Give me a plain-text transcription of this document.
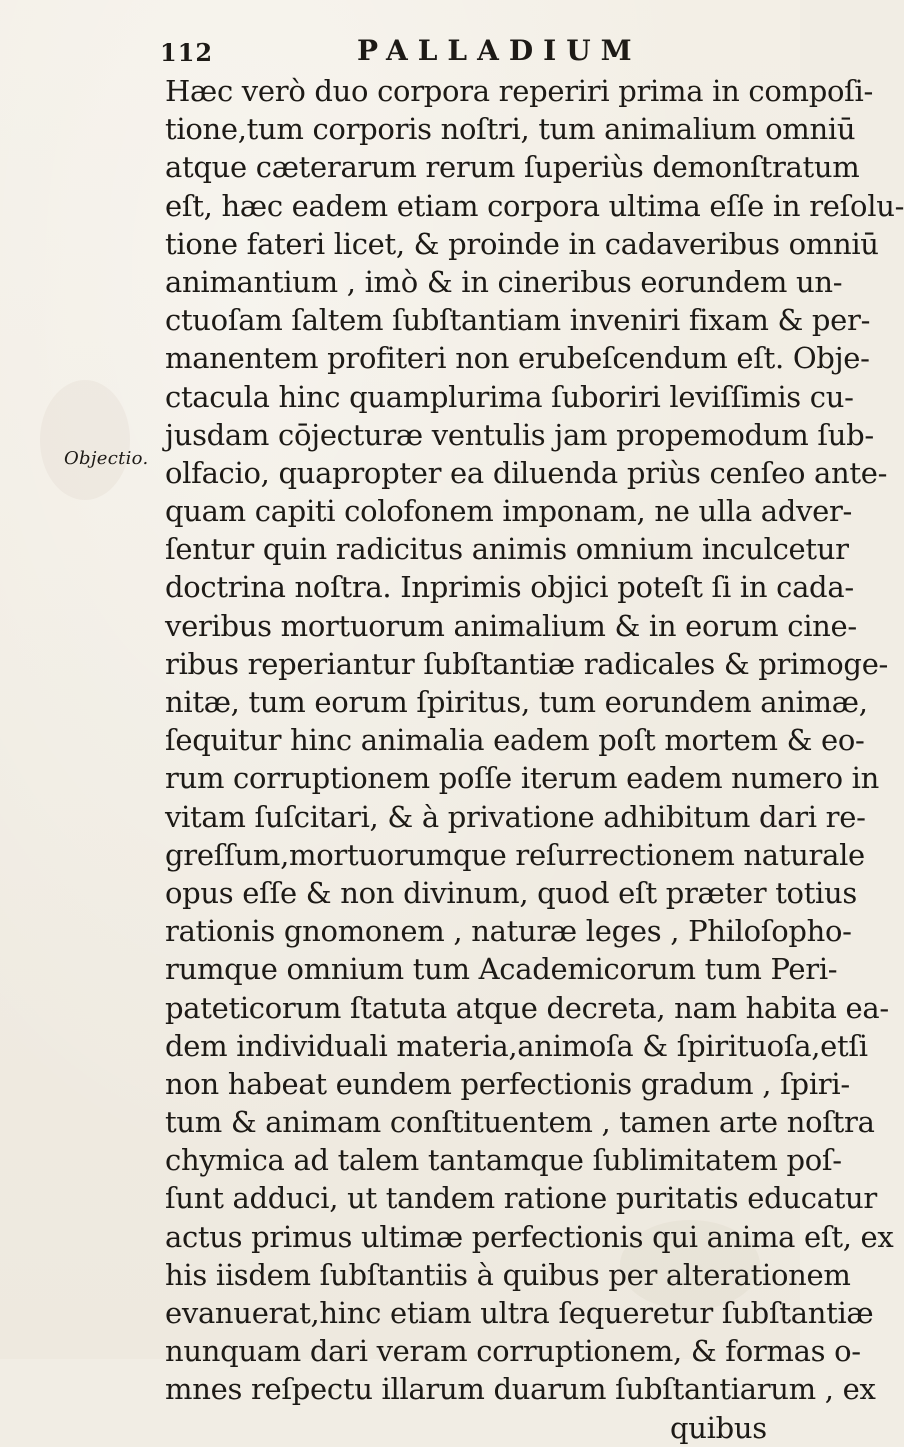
112	PALLADIUM
Objectio.
Hæc verò duo corpora reperiri prima in compoſi-
tione,tum corporis noſtri, tum animalium omniū
atque cæterarum rerum ſuperiùs demonſtratum
eſt, hæc eadem etiam corpora ultima eſſe in reſolu-
tione fateri licet, & proinde in cadaveribus omniū
animantium , imò & in cineribus eorundem un-
ctuoſam ſaltem ſubſtantiam inveniri fixam & per-
manentem profiteri non erubeſcendum eſt. Obje-
ctacula hinc quamplurima ſuboriri leviſſimis cu-
jusdam cōjecturæ ventulis jam propemodum ſub-
olfacio, quapropter ea diluenda priùs cenſeo ante-
quam capiti colofonem imponam, ne ulla adver-
ſentur quin radicitus animis omnium inculcetur
doctrina noſtra. Inprimis objici poteſt ſi in cada-
veribus mortuorum animalium & in eorum cine-
ribus reperiantur ſubſtantiæ radicales & primoge-
nitæ, tum eorum ſpiritus, tum eorundem animæ,
ſequitur hinc animalia eadem poſt mortem & eo-
rum corruptionem poſſe iterum eadem numero in
vitam ſuſcitari, & à privatione adhibitum dari re-
greſſum,mortuorumque reſurrectionem naturale
opus eſſe & non divinum, quod eſt præter totius
rationis gnomonem , naturæ leges , Philoſopho-
rumque omnium tum Academicorum tum Peri-
pateticorum ſtatuta atque decreta, nam habita ea-
dem individuali materia,animoſa & ſpirituoſa,etſi
non habeat eundem perfectionis gradum , ſpiri-
tum & animam conſtituentem , tamen arte noſtra
chymica ad talem tantamque ſublimitatem poſ-
ſunt adduci, ut tandem ratione puritatis educatur
actus primus ultimæ perfectionis qui anima eſt, ex
his iisdem ſubſtantiis à quibus per alterationem
evanuerat,hinc etiam ultra ſequeretur ſubſtantiæ
nunquam dari veram corruptionem, & formas o-
mnes reſpectu illarum duarum ſubſtantiarum , ex
quibus
